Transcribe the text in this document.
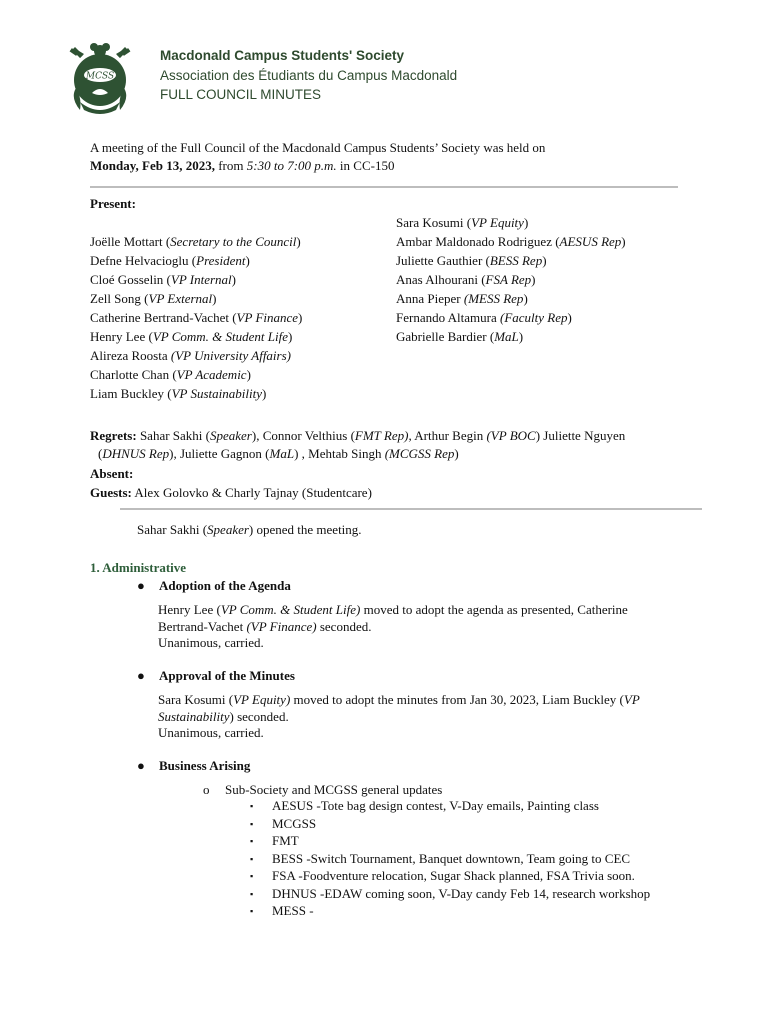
MCSS
Macdonald Campus Students' Society
Association des Étudiants du Campus Macdonald
FULL COUNCIL MINUTES
A meeting of the Full Council of the Macdonald Campus Students’ Society was held on
Monday, Feb 13, 2023, from 5:30 to 7:00 p.m. in CC-150
Present:
Joëlle Mottart (Secretary to the Council)
Defne Helvacioglu (President)
Cloé Gosselin (VP Internal)
Zell Song (VP External)
Catherine Bertrand-Vachet (VP Finance)
Henry Lee (VP Comm. & Student Life)
Alireza Roosta (VP University Affairs)
Charlotte Chan (VP Academic)
Liam Buckley (VP Sustainability)
Sara Kosumi (VP Equity)
Ambar Maldonado Rodriguez (AESUS Rep)
Juliette Gauthier (BESS Rep)
Anas Alhourani (FSA Rep)
Anna Pieper (MESS Rep)
Fernando Altamura (Faculty Rep)
Gabrielle Bardier (MaL)
Regrets: Sahar Sakhi (Speaker), Connor Velthius (FMT Rep), Arthur Begin (VP BOC) Juliette Nguyen
(DHNUS Rep), Juliette Gagnon (MaL) , Mehtab Singh (MCGSS Rep)
Absent:
Guests: Alex Golovko & Charly Tajnay (Studentcare)
Sahar Sakhi (Speaker) opened the meeting.
1. Administrative
● Adoption of the Agenda
Henry Lee (VP Comm. & Student Life) moved to adopt the agenda as presented, Catherine
Bertrand-Vachet (VP Finance) seconded.
Unanimous, carried.
● Approval of the Minutes
Sara Kosumi (VP Equity) moved to adopt the minutes from Jan 30, 2023, Liam Buckley (VP
Sustainability) seconded.
Unanimous, carried.
● Business Arising
o Sub-Society and MCGSS general updates
▪ AESUS -Tote bag design contest, V-Day emails, Painting class
▪ MCGSS
▪ FMT
▪ BESS -Switch Tournament, Banquet downtown, Team going to CEC
▪ FSA -Foodventure relocation, Sugar Shack planned, FSA Trivia soon.
▪ DHNUS -EDAW coming soon, V-Day candy Feb 14, research workshop
▪ MESS -
